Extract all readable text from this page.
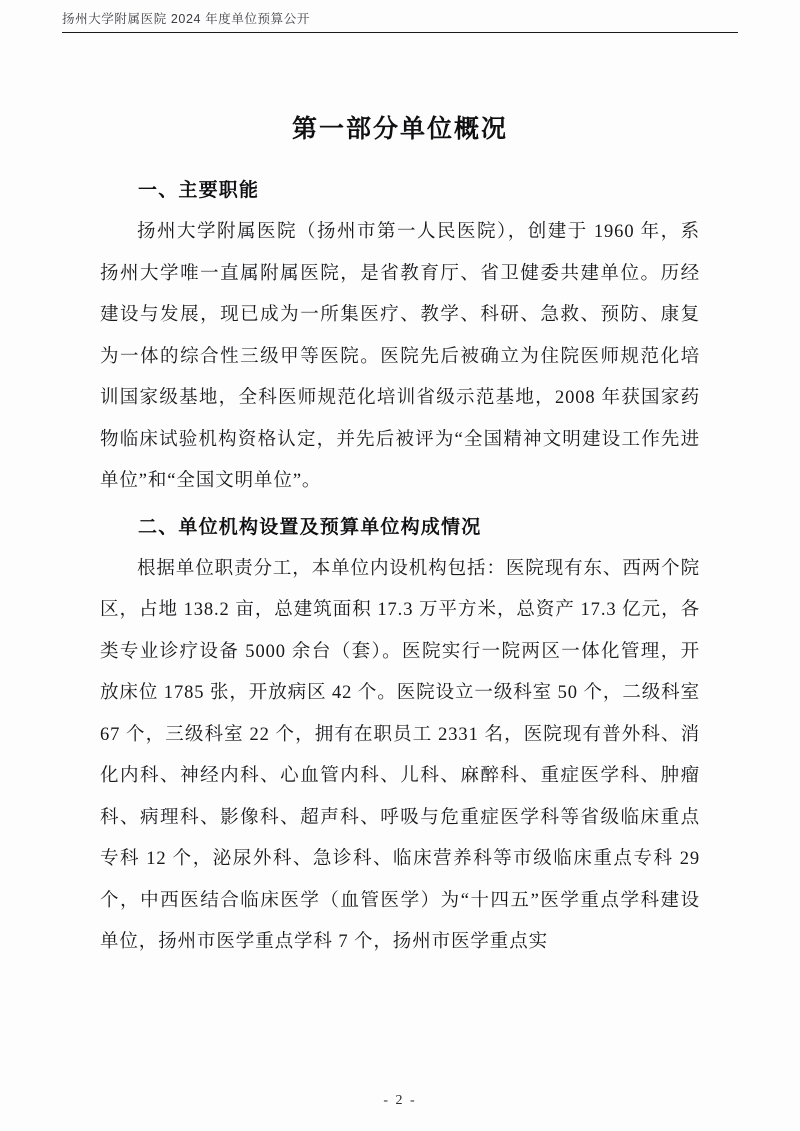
扬州大学附属医院 2024 年度单位预算公开
第一部分单位概况
一、主要职能

扬州大学附属医院（扬州市第一人民医院），创建于 1960 年，系扬州大学唯一直属附属医院，是省教育厅、省卫健委共建单位。历经建设与发展，现已成为一所集医疗、教学、科研、急救、预防、康复为一体的综合性三级甲等医院。医院先后被确立为住院医师规范化培训国家级基地，全科医师规范化培训省级示范基地，2008 年获国家药物临床试验机构资格认定，并先后被评为“全国精神文明建设工作先进单位”和“全国文明单位”。

二、单位机构设置及预算单位构成情况

根据单位职责分工，本单位内设机构包括：医院现有东、西两个院区，占地 138.2 亩，总建筑面积 17.3 万平方米，总资产 17.3 亿元，各类专业诊疗设备 5000 余台（套）。医院实行一院两区一体化管理，开放床位 1785 张，开放病区 42 个。医院设立一级科室 50 个，二级科室 67 个，三级科室 22 个，拥有在职员工 2331 名，医院现有普外科、消化内科、神经内科、心血管内科、儿科、麻醉科、重症医学科、肿瘤科、病理科、影像科、超声科、呼吸与危重症医学科等省级临床重点专科 12 个，泌尿外科、急诊科、临床营养科等市级临床重点专科 29 个，中西医结合临床医学（血管医学）为“十四五”医学重点学科建设单位，扬州市医学重点学科 7 个，扬州市医学重点实

- 2 -
